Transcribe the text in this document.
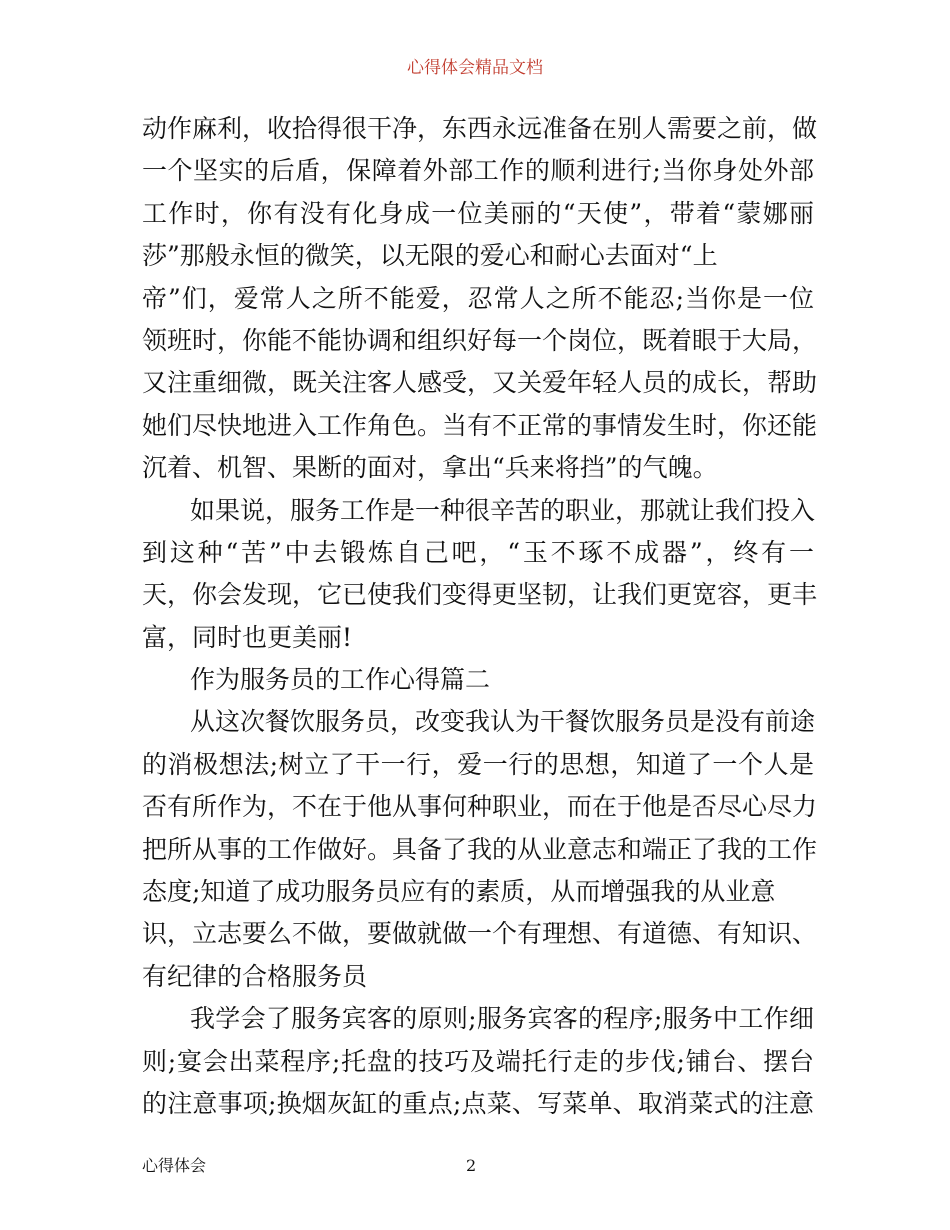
心得体会精品文档
动作麻利，收拾得很干净，东西永远准备在别人需要之前，做
一个坚实的后盾，保障着外部工作的顺利进行;当你身处外部
工作时，你有没有化身成一位美丽的“天使”，带着“蒙娜丽
莎”那般永恒的微笑，以无限的爱心和耐心去面对“上
帝”们，爱常人之所不能爱，忍常人之所不能忍;当你是一位
领班时，你能不能协调和组织好每一个岗位，既着眼于大局，
又注重细微，既关注客人感受，又关爱年轻人员的成长，帮助
她们尽快地进入工作角色。当有不正常的事情发生时，你还能
沉着、机智、果断的面对，拿出“兵来将挡”的气魄。
如果说，服务工作是一种很辛苦的职业，那就让我们投入
到这种“苦”中去锻炼自己吧，“玉不琢不成器”，终有一
天，你会发现，它已使我们变得更坚韧，让我们更宽容，更丰
富，同时也更美丽!
作为服务员的工作心得篇二
从这次餐饮服务员，改变我认为干餐饮服务员是没有前途
的消极想法;树立了干一行，爱一行的思想，知道了一个人是
否有所作为，不在于他从事何种职业，而在于他是否尽心尽力
把所从事的工作做好。具备了我的从业意志和端正了我的工作
态度;知道了成功服务员应有的素质，从而增强我的从业意
识，立志要么不做，要做就做一个有理想、有道德、有知识、
有纪律的合格服务员
我学会了服务宾客的原则;服务宾客的程序;服务中工作细
则;宴会出菜程序;托盘的技巧及端托行走的步伐;铺台、摆台
的注意事项;换烟灰缸的重点;点菜、写菜单、取消菜式的注意
心得体会	2
